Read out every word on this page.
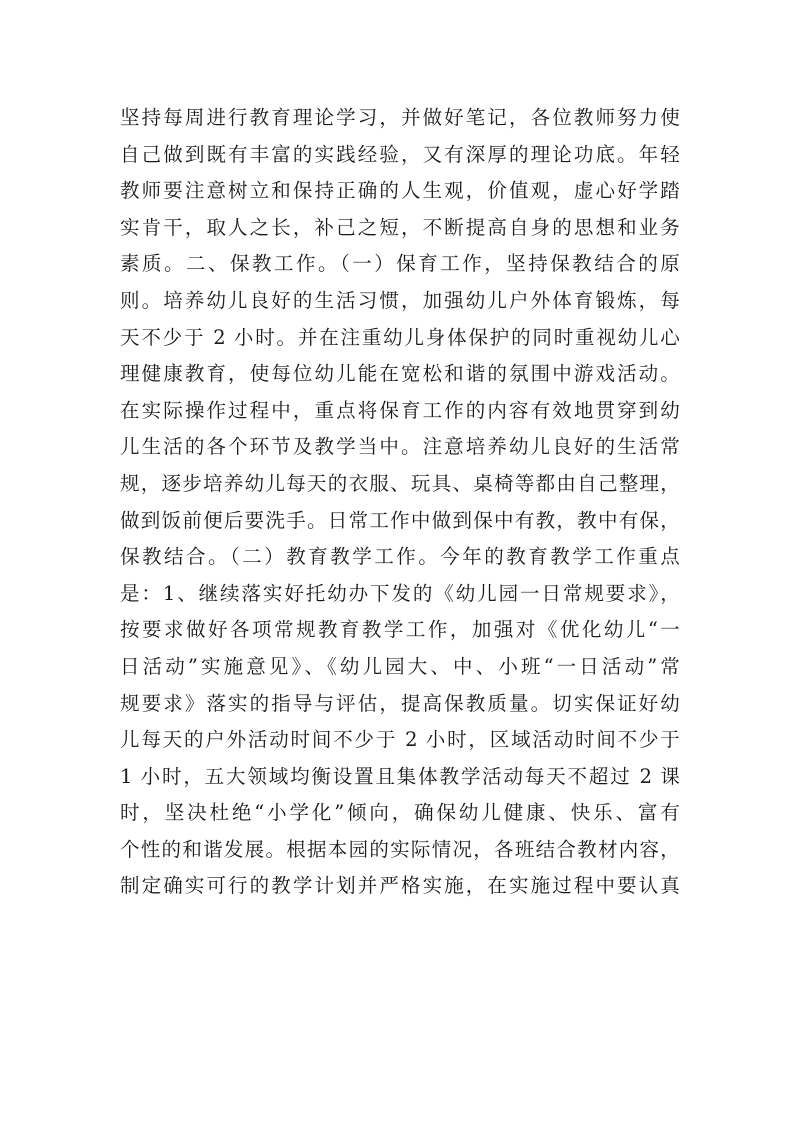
坚持每周进行教育理论学习，并做好笔记，各位教师努力使
自己做到既有丰富的实践经验，又有深厚的理论功底。年轻
教师要注意树立和保持正确的人生观，价值观，虚心好学踏
实肯干，取人之长，补己之短，不断提高自身的思想和业务
素质。二、保教工作。（一）保育工作，坚持保教结合的原
则。培养幼儿良好的生活习惯，加强幼儿户外体育锻炼，每
天不少于 2 小时。并在注重幼儿身体保护的同时重视幼儿心
理健康教育，使每位幼儿能在宽松和谐的氛围中游戏活动。
在实际操作过程中，重点将保育工作的内容有效地贯穿到幼
儿生活的各个环节及教学当中。注意培养幼儿良好的生活常
规，逐步培养幼儿每天的衣服、玩具、桌椅等都由自己整理，
做到饭前便后要洗手。日常工作中做到保中有教，教中有保，
保教结合。（二）教育教学工作。今年的教育教学工作重点
是：1、继续落实好托幼办下发的《幼儿园一日常规要求》，
按要求做好各项常规教育教学工作，加强对《优化幼儿“一
日活动”实施意见》、《幼儿园大、中、小班“一日活动”常
规要求》落实的指导与评估，提高保教质量。切实保证好幼
儿每天的户外活动时间不少于 2 小时，区域活动时间不少于
1 小时，五大领域均衡设置且集体教学活动每天不超过 2 课
时，坚决杜绝“小学化”倾向，确保幼儿健康、快乐、富有
个性的和谐发展。根据本园的实际情况，各班结合教材内容，
制定确实可行的教学计划并严格实施，在实施过程中要认真
